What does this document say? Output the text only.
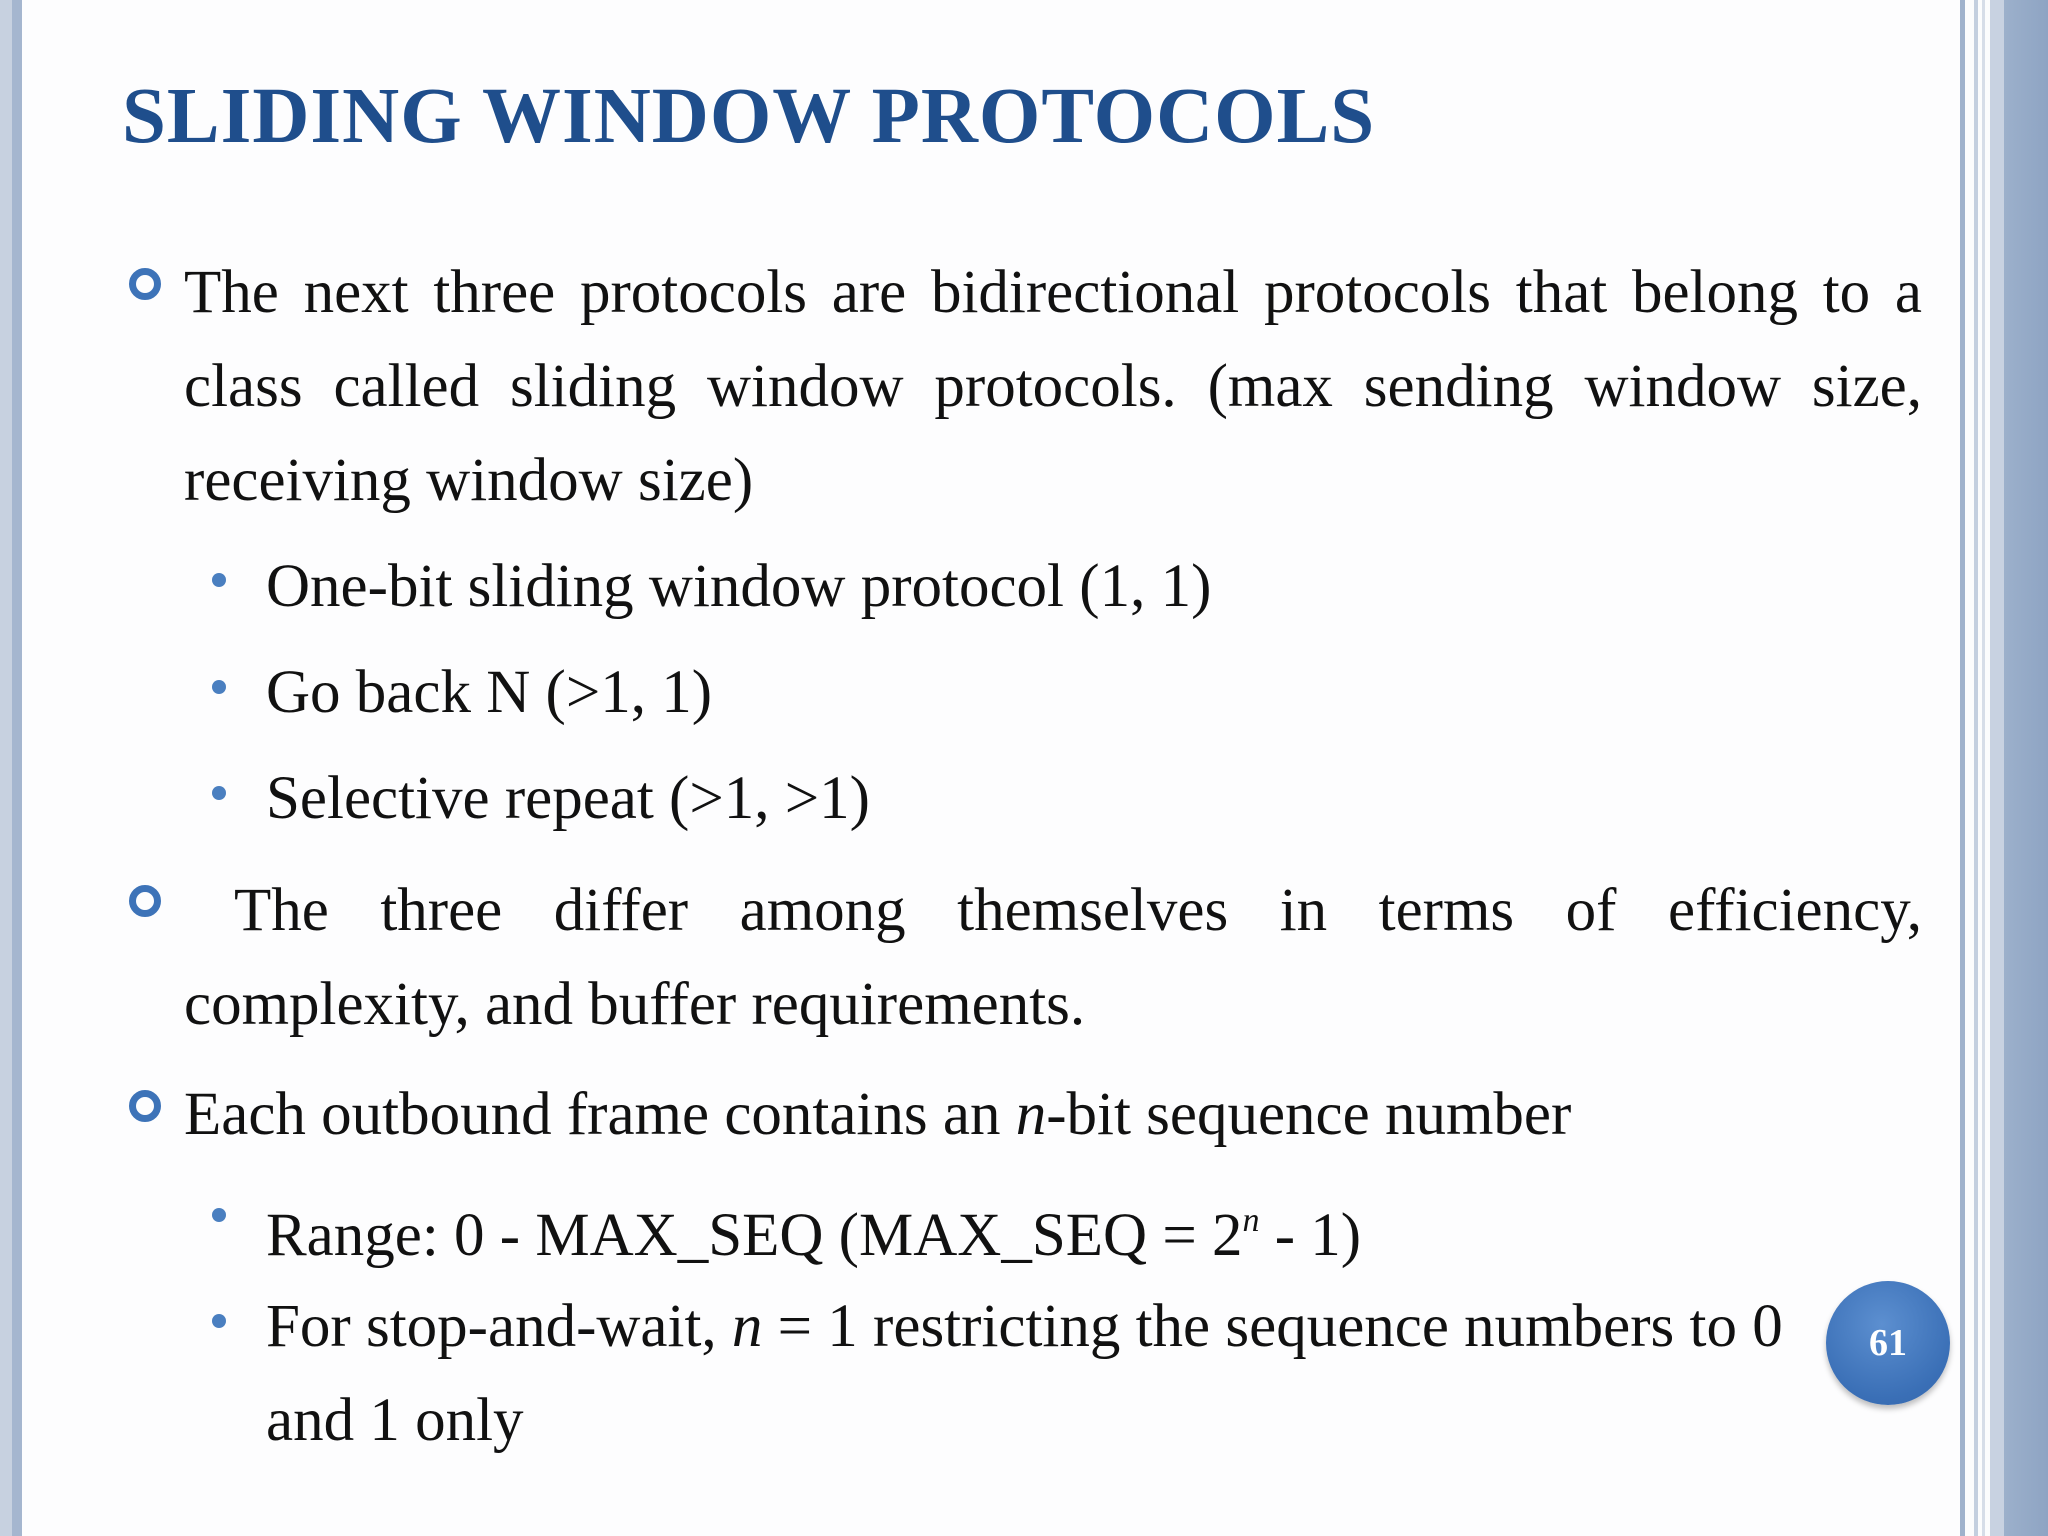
SLIDING WINDOW PROTOCOLS
The next three protocols are bidirectional protocols that belong to a
class called sliding window protocols. (max sending window size,
receiving window size)
One-bit sliding window protocol (1, 1)
Go back N (>1, 1)
Selective repeat (>1, >1)
The three differ among themselves in terms of efficiency,
complexity, and buffer requirements.
Each outbound frame contains an n-bit sequence number
Range: 0 - MAX_SEQ (MAX_SEQ = $2^n - 1$)
For stop-and-wait, n = 1 restricting the sequence numbers to 0
and 1 only
61
